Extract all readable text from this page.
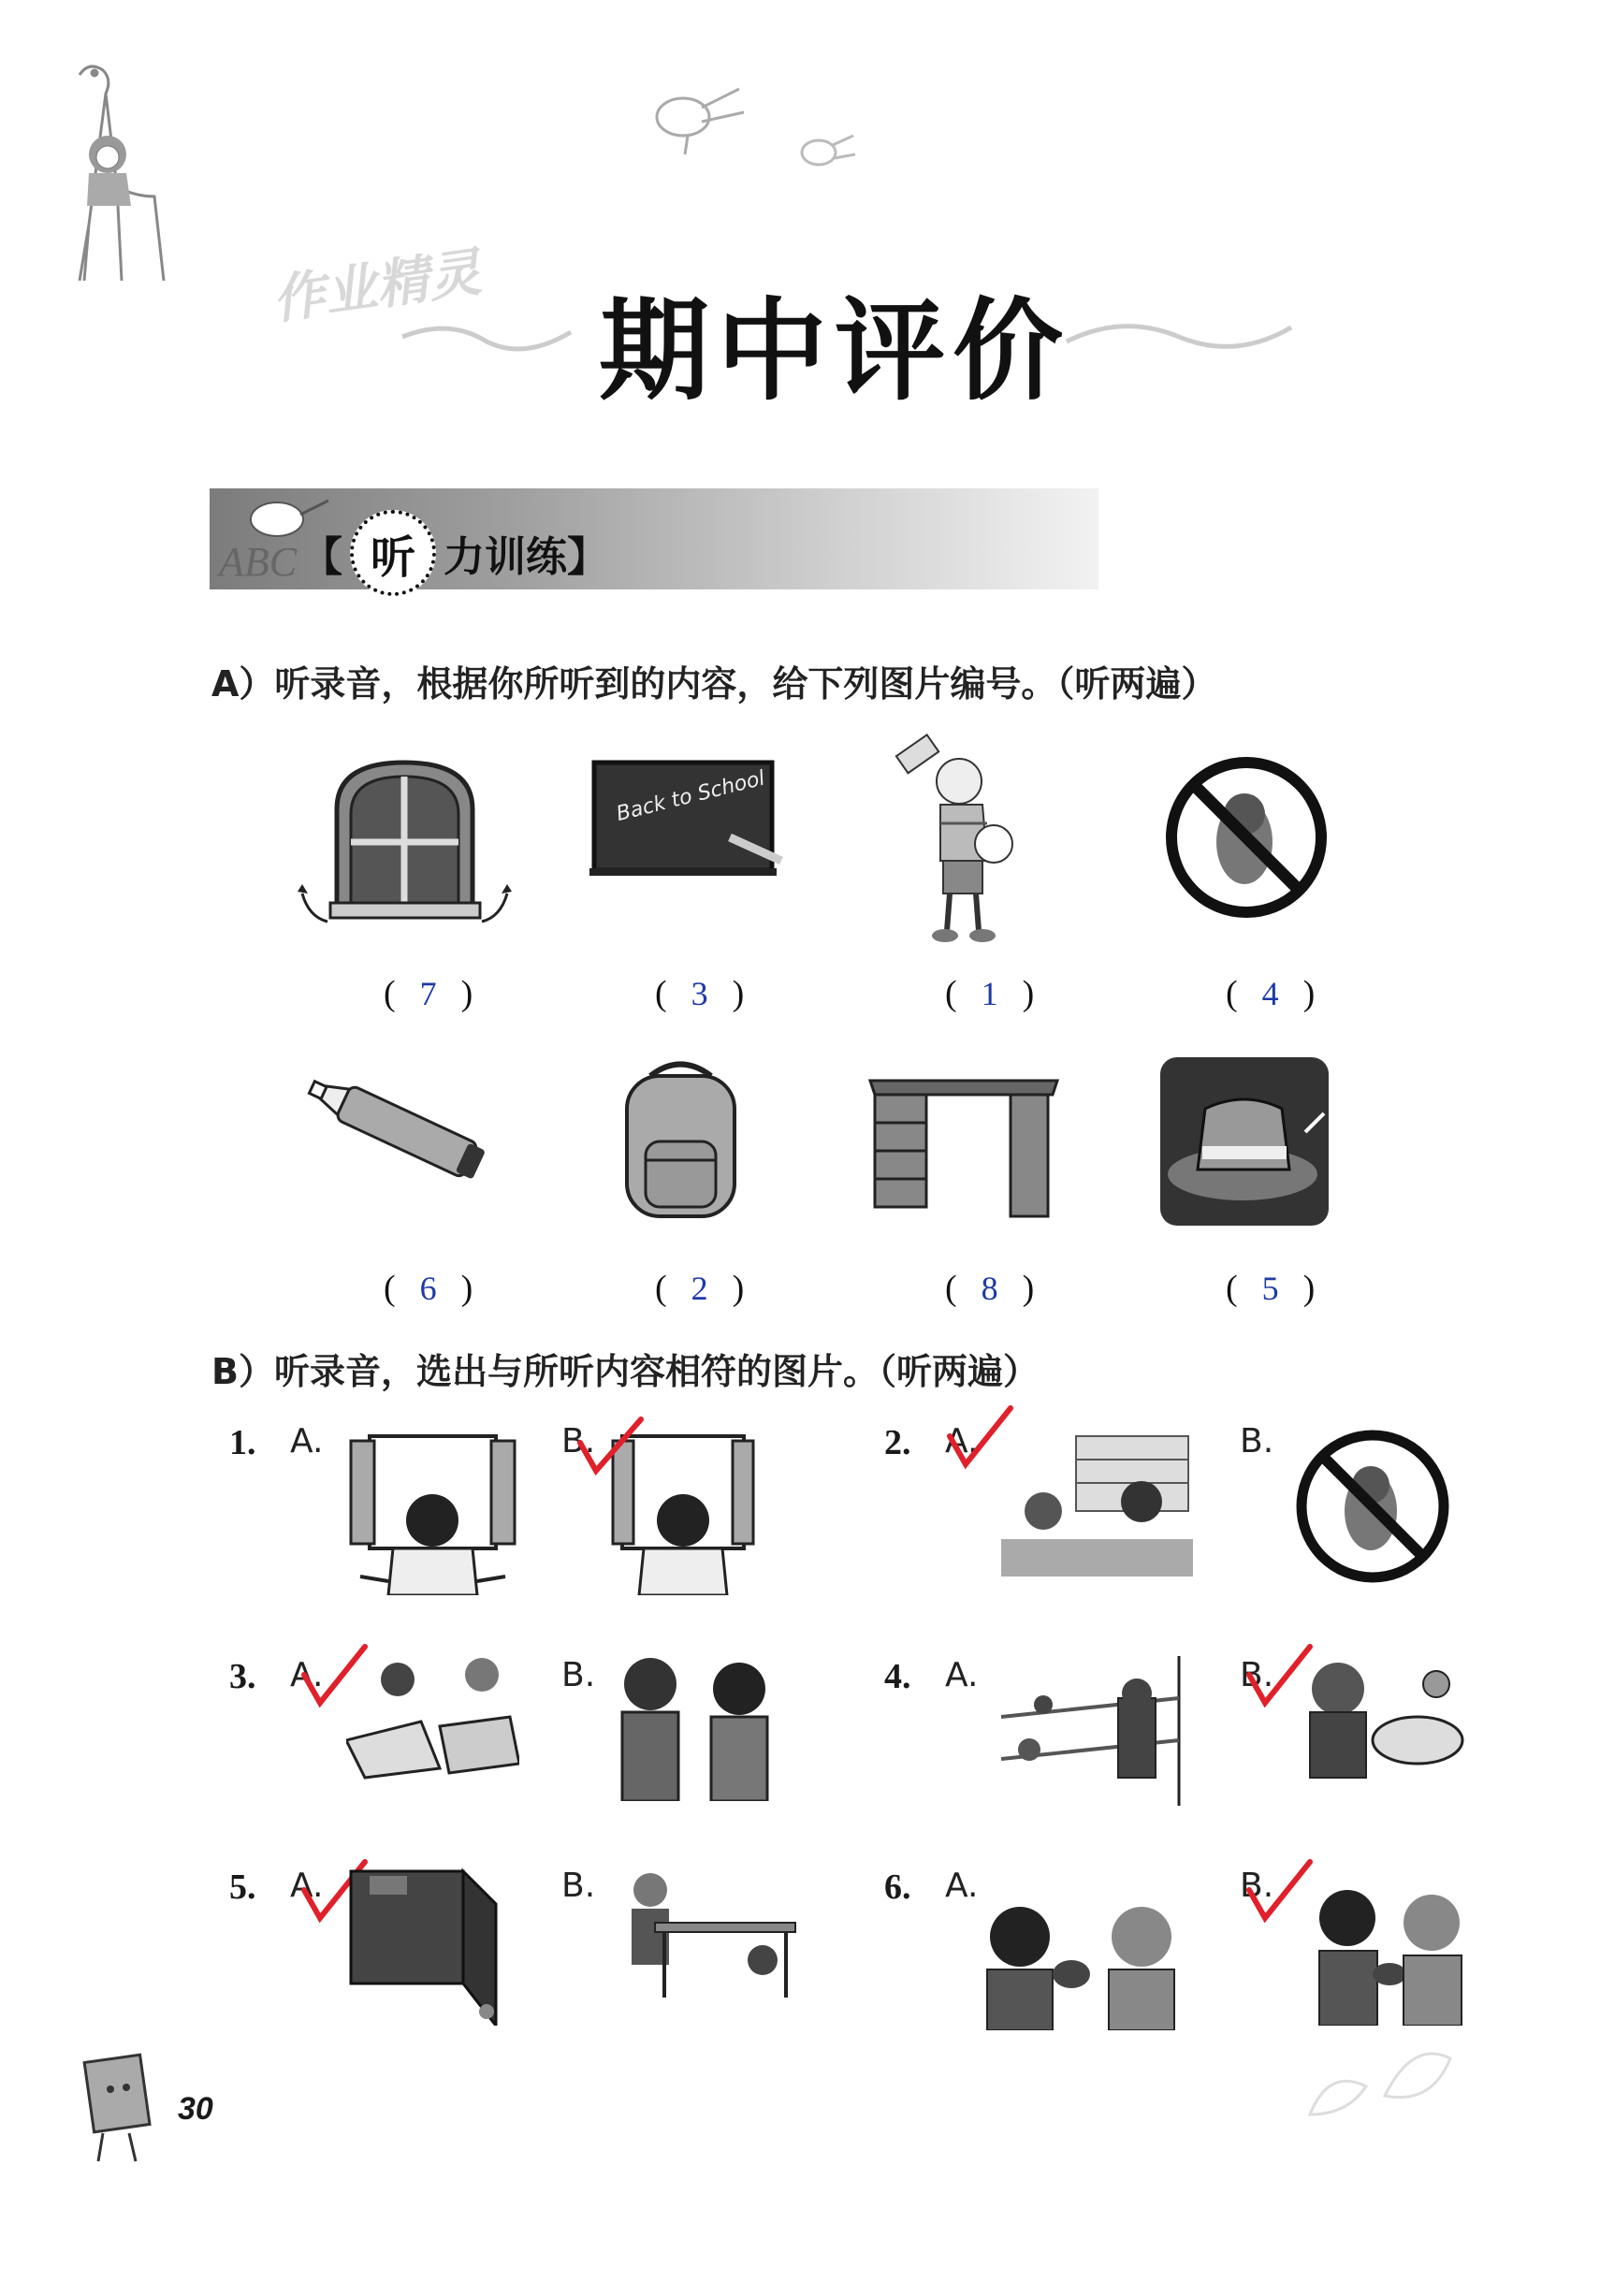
作业精灵 期中评价
ABC 【 听 力训练 】
A）听录音，根据你所听到的内容，给下列图片编号。（听两遍）
Back to School
( 7 )	( 3 )	( 1 )	( 4 )
( 6 )	( 2 )	( 8 )	( 5 )
B）听录音，选出与所听内容相符的图片。（听两遍）
1. A.	B.	2. A.	B.
3. A.	B.	4. A.	B.
5. A.	B.	6. A.	B.
30
